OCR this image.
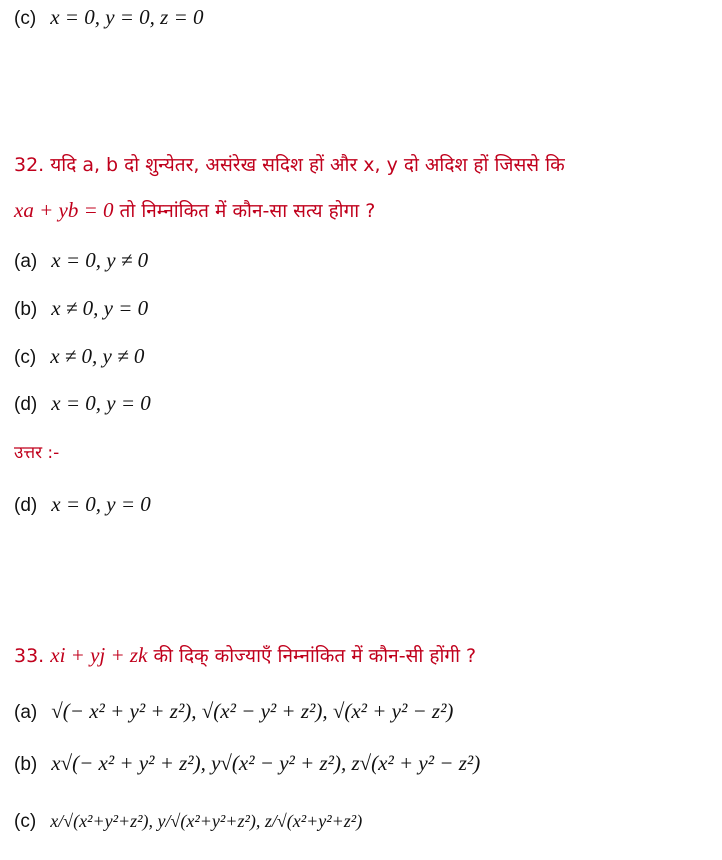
(c) x = 0, y = 0, z = 0
32. यदि a, b दो शुन्येतर, असंरेख सदिश हों और x, y दो अदिश हों जिससे कि
xa + yb = 0 तो निम्नांकित में कौन-सा सत्य होगा ?
(a) x = 0, y ≠ 0
(b) x ≠ 0, y = 0
(c) x ≠ 0, y ≠ 0
(d) x = 0, y = 0
उत्तर :-
(d) x = 0, y = 0
33. xi + yj + zk की दिक् कोज्याएँ निम्नांकित में कौन-सी होंगी ?
(a) √(− x² + y² + z²), √(x² − y² + z²), √(x² + y² − z²)
(b) x√(− x² + y² + z²), y√(x² − y² + z²), z√(x² + y² − z²)
(c) x/√(x²+y²+z²), y/√(x²+y²+z²), z/√(x²+y²+z²)
